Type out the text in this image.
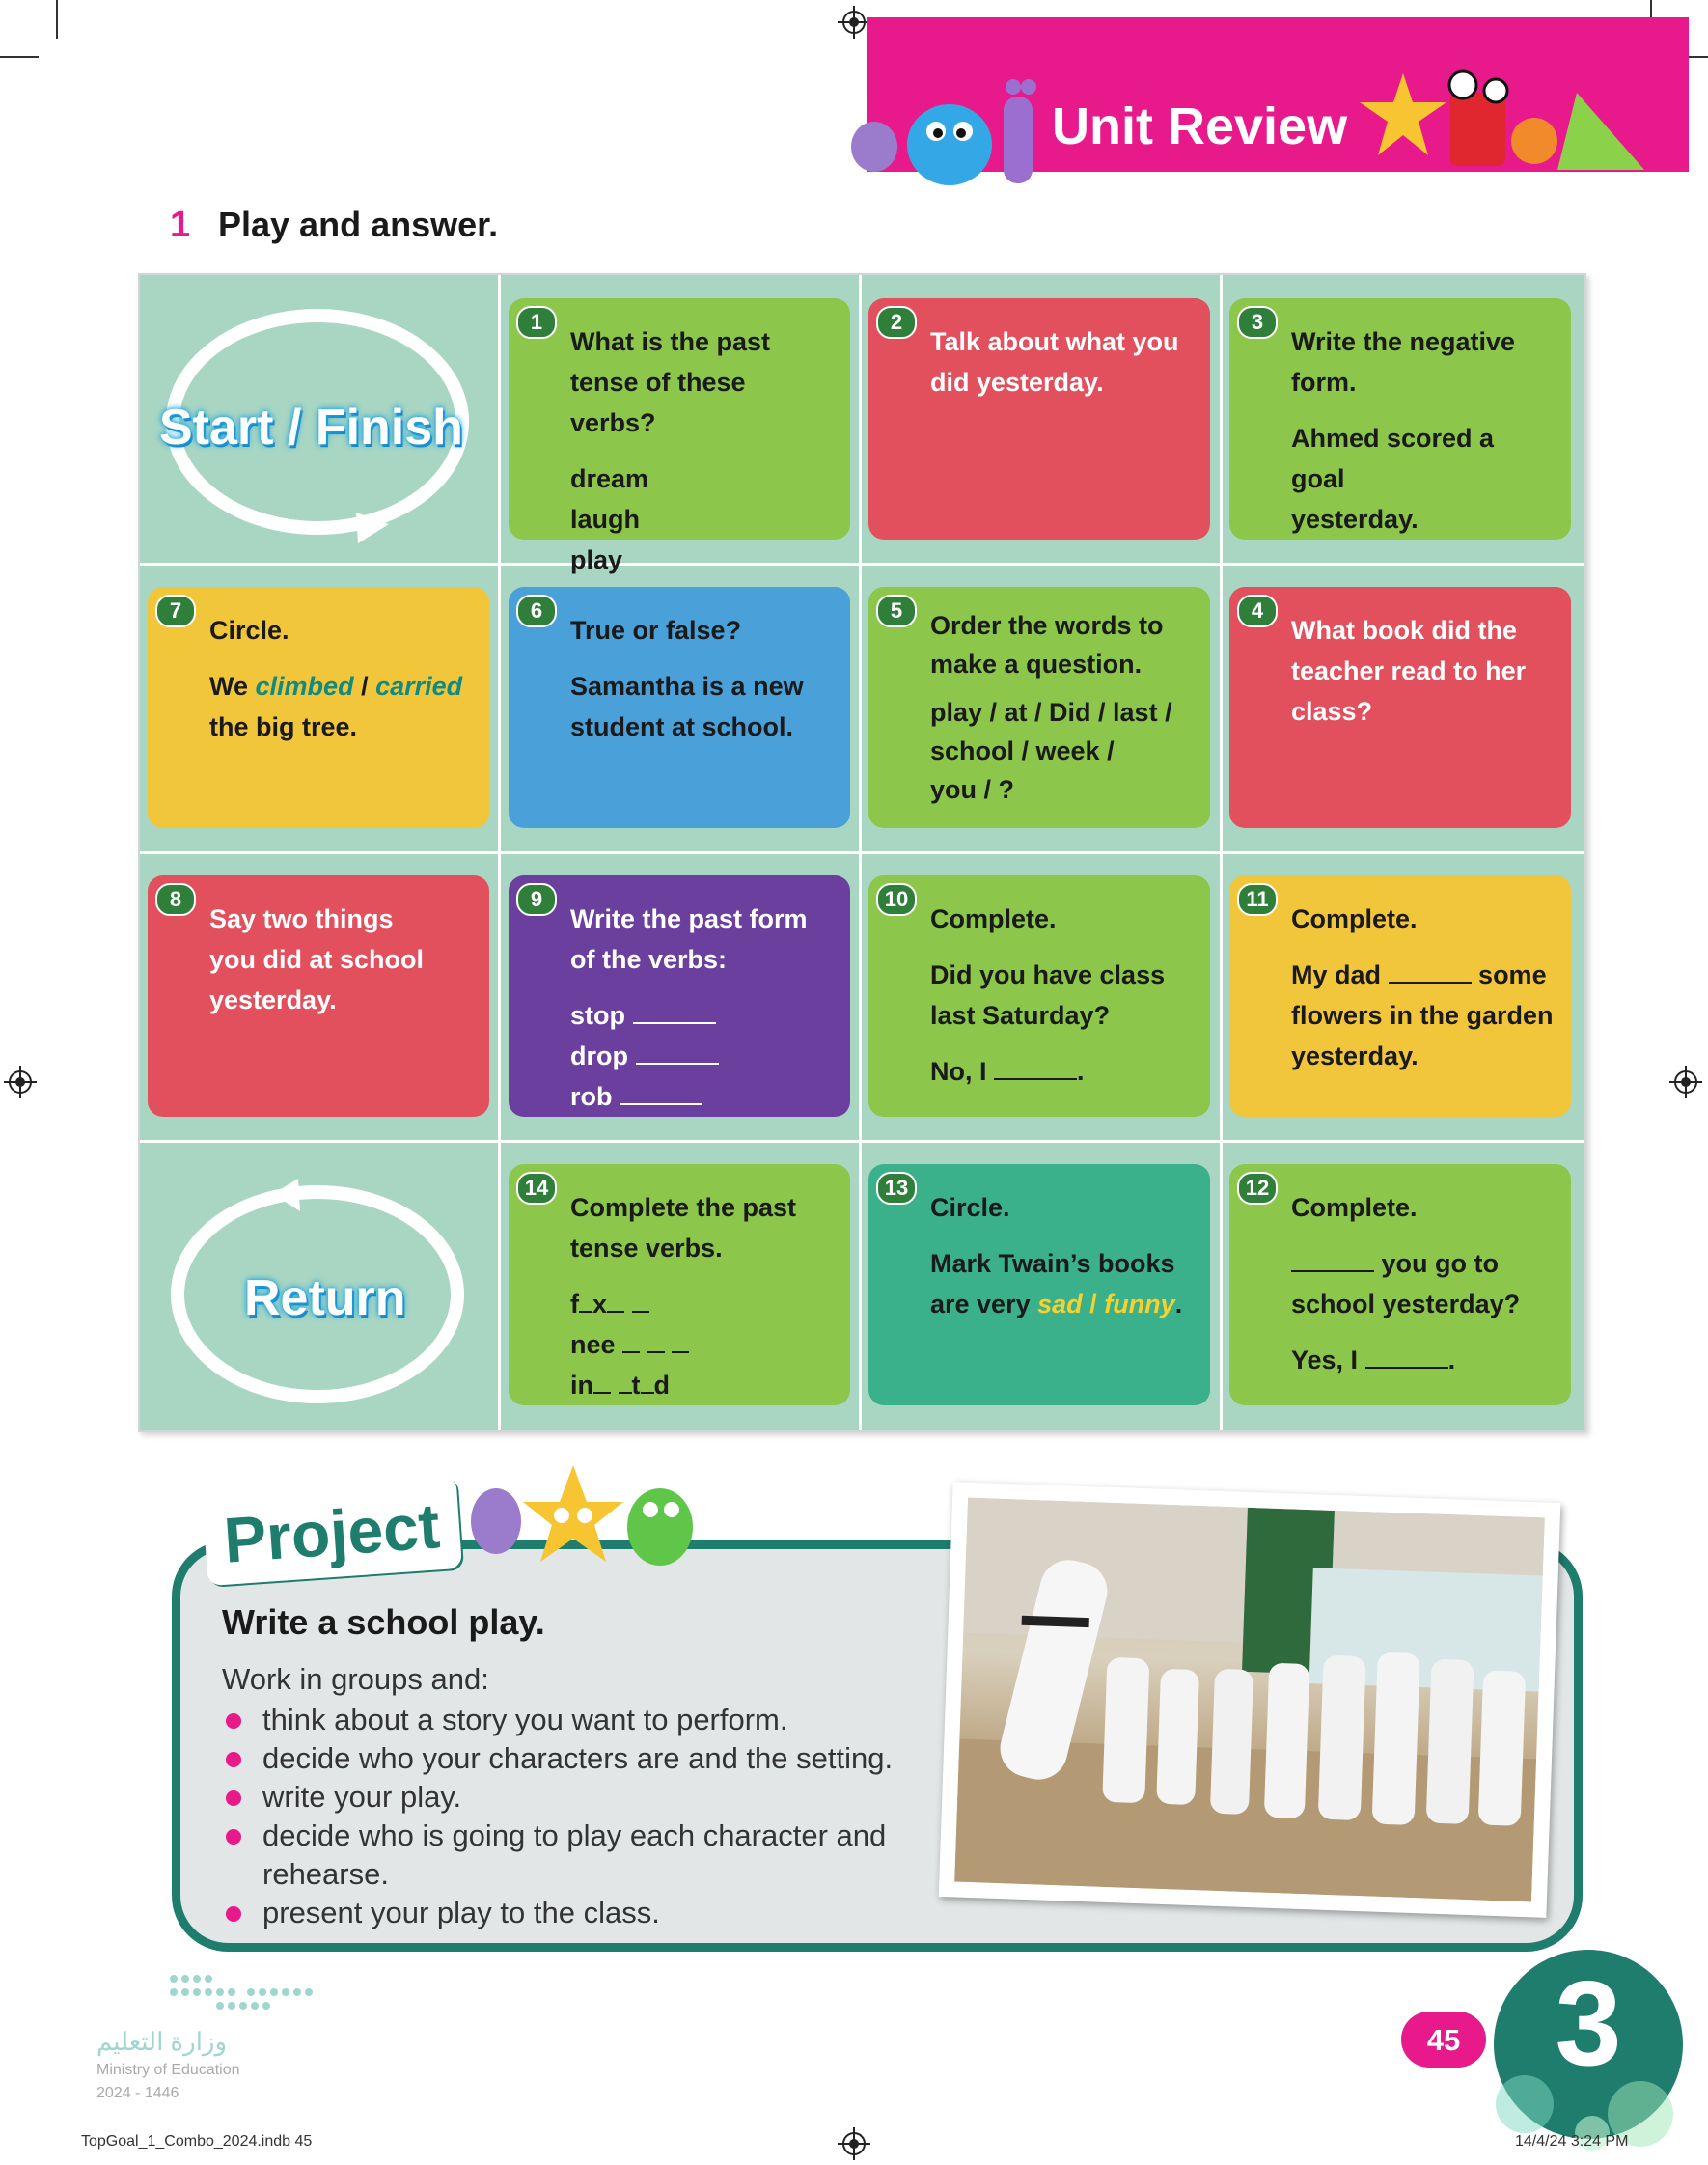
Unit Review
1 Play and answer.
Start / Finish
Return
1
What is the past
tense of these verbs?
dream
laugh
play
2
Talk about what you
did yesterday.
3
Write the negative
form.
Ahmed scored a goal
yesterday.
7
Circle.
We climbed / carried
the big tree.
6
True or false?
Samantha is a new
student at school.
5
Order the words to
make a question.
play / at / Did / last /
school / week /
you / ?
4
What book did the
teacher read to her
class?
8
Say two things
you did at school
yesterday.
9
Write the past form
of the verbs:
stop
drop
rob
10
Complete.
Did you have class
last Saturday?
No, I	.
11
Complete.
My dad	some
flowers in the garden
yesterday.
14
Complete the past
tense verbs.
f x
nee
in t d
13
Circle.
Mark Twain’s books
are very sad / funny.
12
Complete.
you go to
school yesterday?
Yes, I	.
Project
Write a school play.
Work in groups and:
think about a story you want to perform.
decide who your characters are and the setting.
write your play.
decide who is going to play each character and rehearse.
present your play to the class.
وزارة التعليم
Ministry of Education
2024 - 1446
45 3
TopGoal_1_Combo_2024.indb 45	14/4/24 3:24 PM
